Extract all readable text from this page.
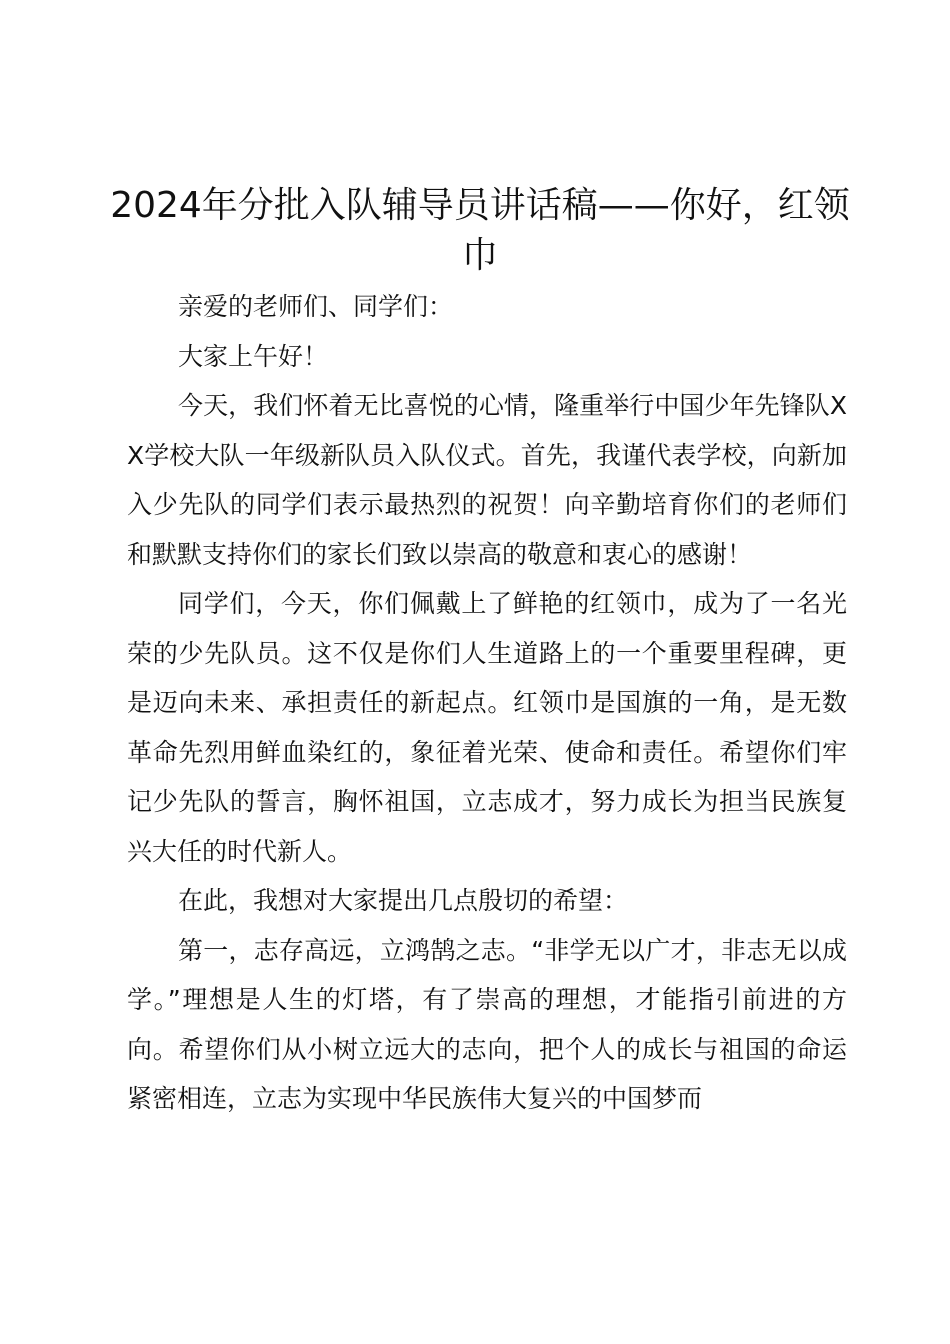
2024年分批入队辅导员讲话稿——你好，红领巾

亲爱的老师们、同学们：

大家上午好！

今天，我们怀着无比喜悦的心情，隆重举行中国少年先锋队XX学校大队一年级新队员入队仪式。首先，我谨代表学校，向新加入少先队的同学们表示最热烈的祝贺！向辛勤培育你们的老师们和默默支持你们的家长们致以崇高的敬意和衷心的感谢！

同学们，今天，你们佩戴上了鲜艳的红领巾，成为了一名光荣的少先队员。这不仅是你们人生道路上的一个重要里程碑，更是迈向未来、承担责任的新起点。红领巾是国旗的一角，是无数革命先烈用鲜血染红的，象征着光荣、使命和责任。希望你们牢记少先队的誓言，胸怀祖国，立志成才，努力成长为担当民族复兴大任的时代新人。

在此，我想对大家提出几点殷切的希望：

第一，志存高远，立鸿鹄之志。“非学无以广才，非志无以成学。”理想是人生的灯塔，有了崇高的理想，才能指引前进的方向。希望你们从小树立远大的志向，把个人的成长与祖国的命运紧密相连，立志为实现中华民族伟大复兴的中国梦而
